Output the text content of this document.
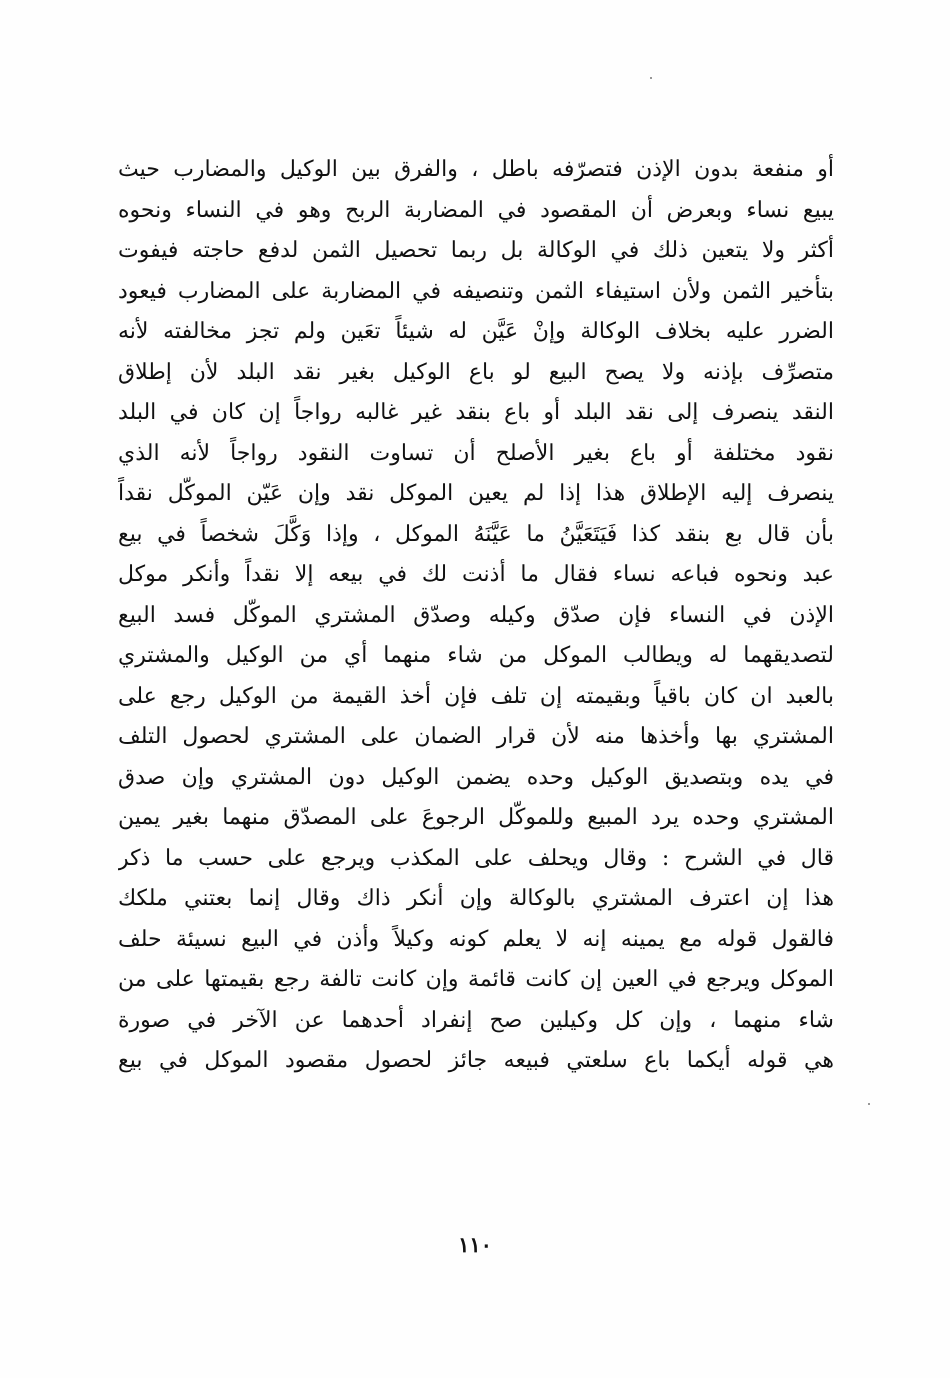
أو منفعة بدون الإذن فتصرّفه باطل ، والفرق بين الوكيل والمضارب حيث
يبيع نساء وبعرض أن المقصود في المضاربة الربح وهو في النساء ونحوه
أكثر ولا يتعين ذلك في الوكالة بل ربما تحصيل الثمن لدفع حاجته فيفوت
بتأخير الثمن ولأن استيفاء الثمن وتنصيفه في المضاربة على المضارب فيعود
الضرر عليه بخلاف الوكالة وإنْ عَيَّن له شيئاً تعَين ولم تجز مخالفته لأنه
متصرِّف بإذنه ولا يصح البيع لو باع الوكيل بغير نقد البلد لأن إطلاق
النقد ينصرف إلى نقد البلد أو باع بنقد غير غالبه رواجاً إن كان في البلد
نقود مختلفة أو باع بغير الأصلح أن تساوت النقود رواجاً لأنه الذي
ينصرف إليه الإطلاق هذا إذا لم يعين الموكل نقد وإن عَيّن الموكّل نقداً
بأن قال بع بنقد كذا فَيَتَعَيَّنُ ما عَيَّنَهُ الموكل ، وإذا وَكَّلَ شخصاً في بيع
عبد ونحوه فباعه نساء فقال ما أذنت لك في بيعه إلا نقداً وأنكر موكل
الإذن في النساء فإن صدّق وكيله وصدّق المشتري الموكّل فسد البيع
لتصديقهما له ويطالب الموكل من شاء منهما أي من الوكيل والمشتري
بالعبد ان كان باقياً وبقيمته إن تلف فإن أخذ القيمة من الوكيل رجع على
المشتري بها وأخذها منه لأن قرار الضمان على المشتري لحصول التلف
في يده وبتصديق الوكيل وحده يضمن الوكيل دون المشتري وإن صدق
المشتري وحده يرد المبيع وللموكّل الرجوعَ على المصدّق منهما بغير يمين
قال في الشرح : وقال ويحلف على المكذب ويرجع على حسب ما ذكر
هذا إن اعترف المشتري بالوكالة وإن أنكر ذاك وقال إنما بعتني ملكك
فالقول قوله مع يمينه إنه لا يعلم كونه وكيلاً وأذن في البيع نسيئة حلف
الموكل ويرجع في العين إن كانت قائمة وإن كانت تالفة رجع بقيمتها على من
شاء منهما ، وإن كل وكيلين صح إنفراد أحدهما عن الآخر في صورة
هي قوله أيكما باع سلعتي فبيعه جائز لحصول مقصود الموكل في بيع
١١٠
